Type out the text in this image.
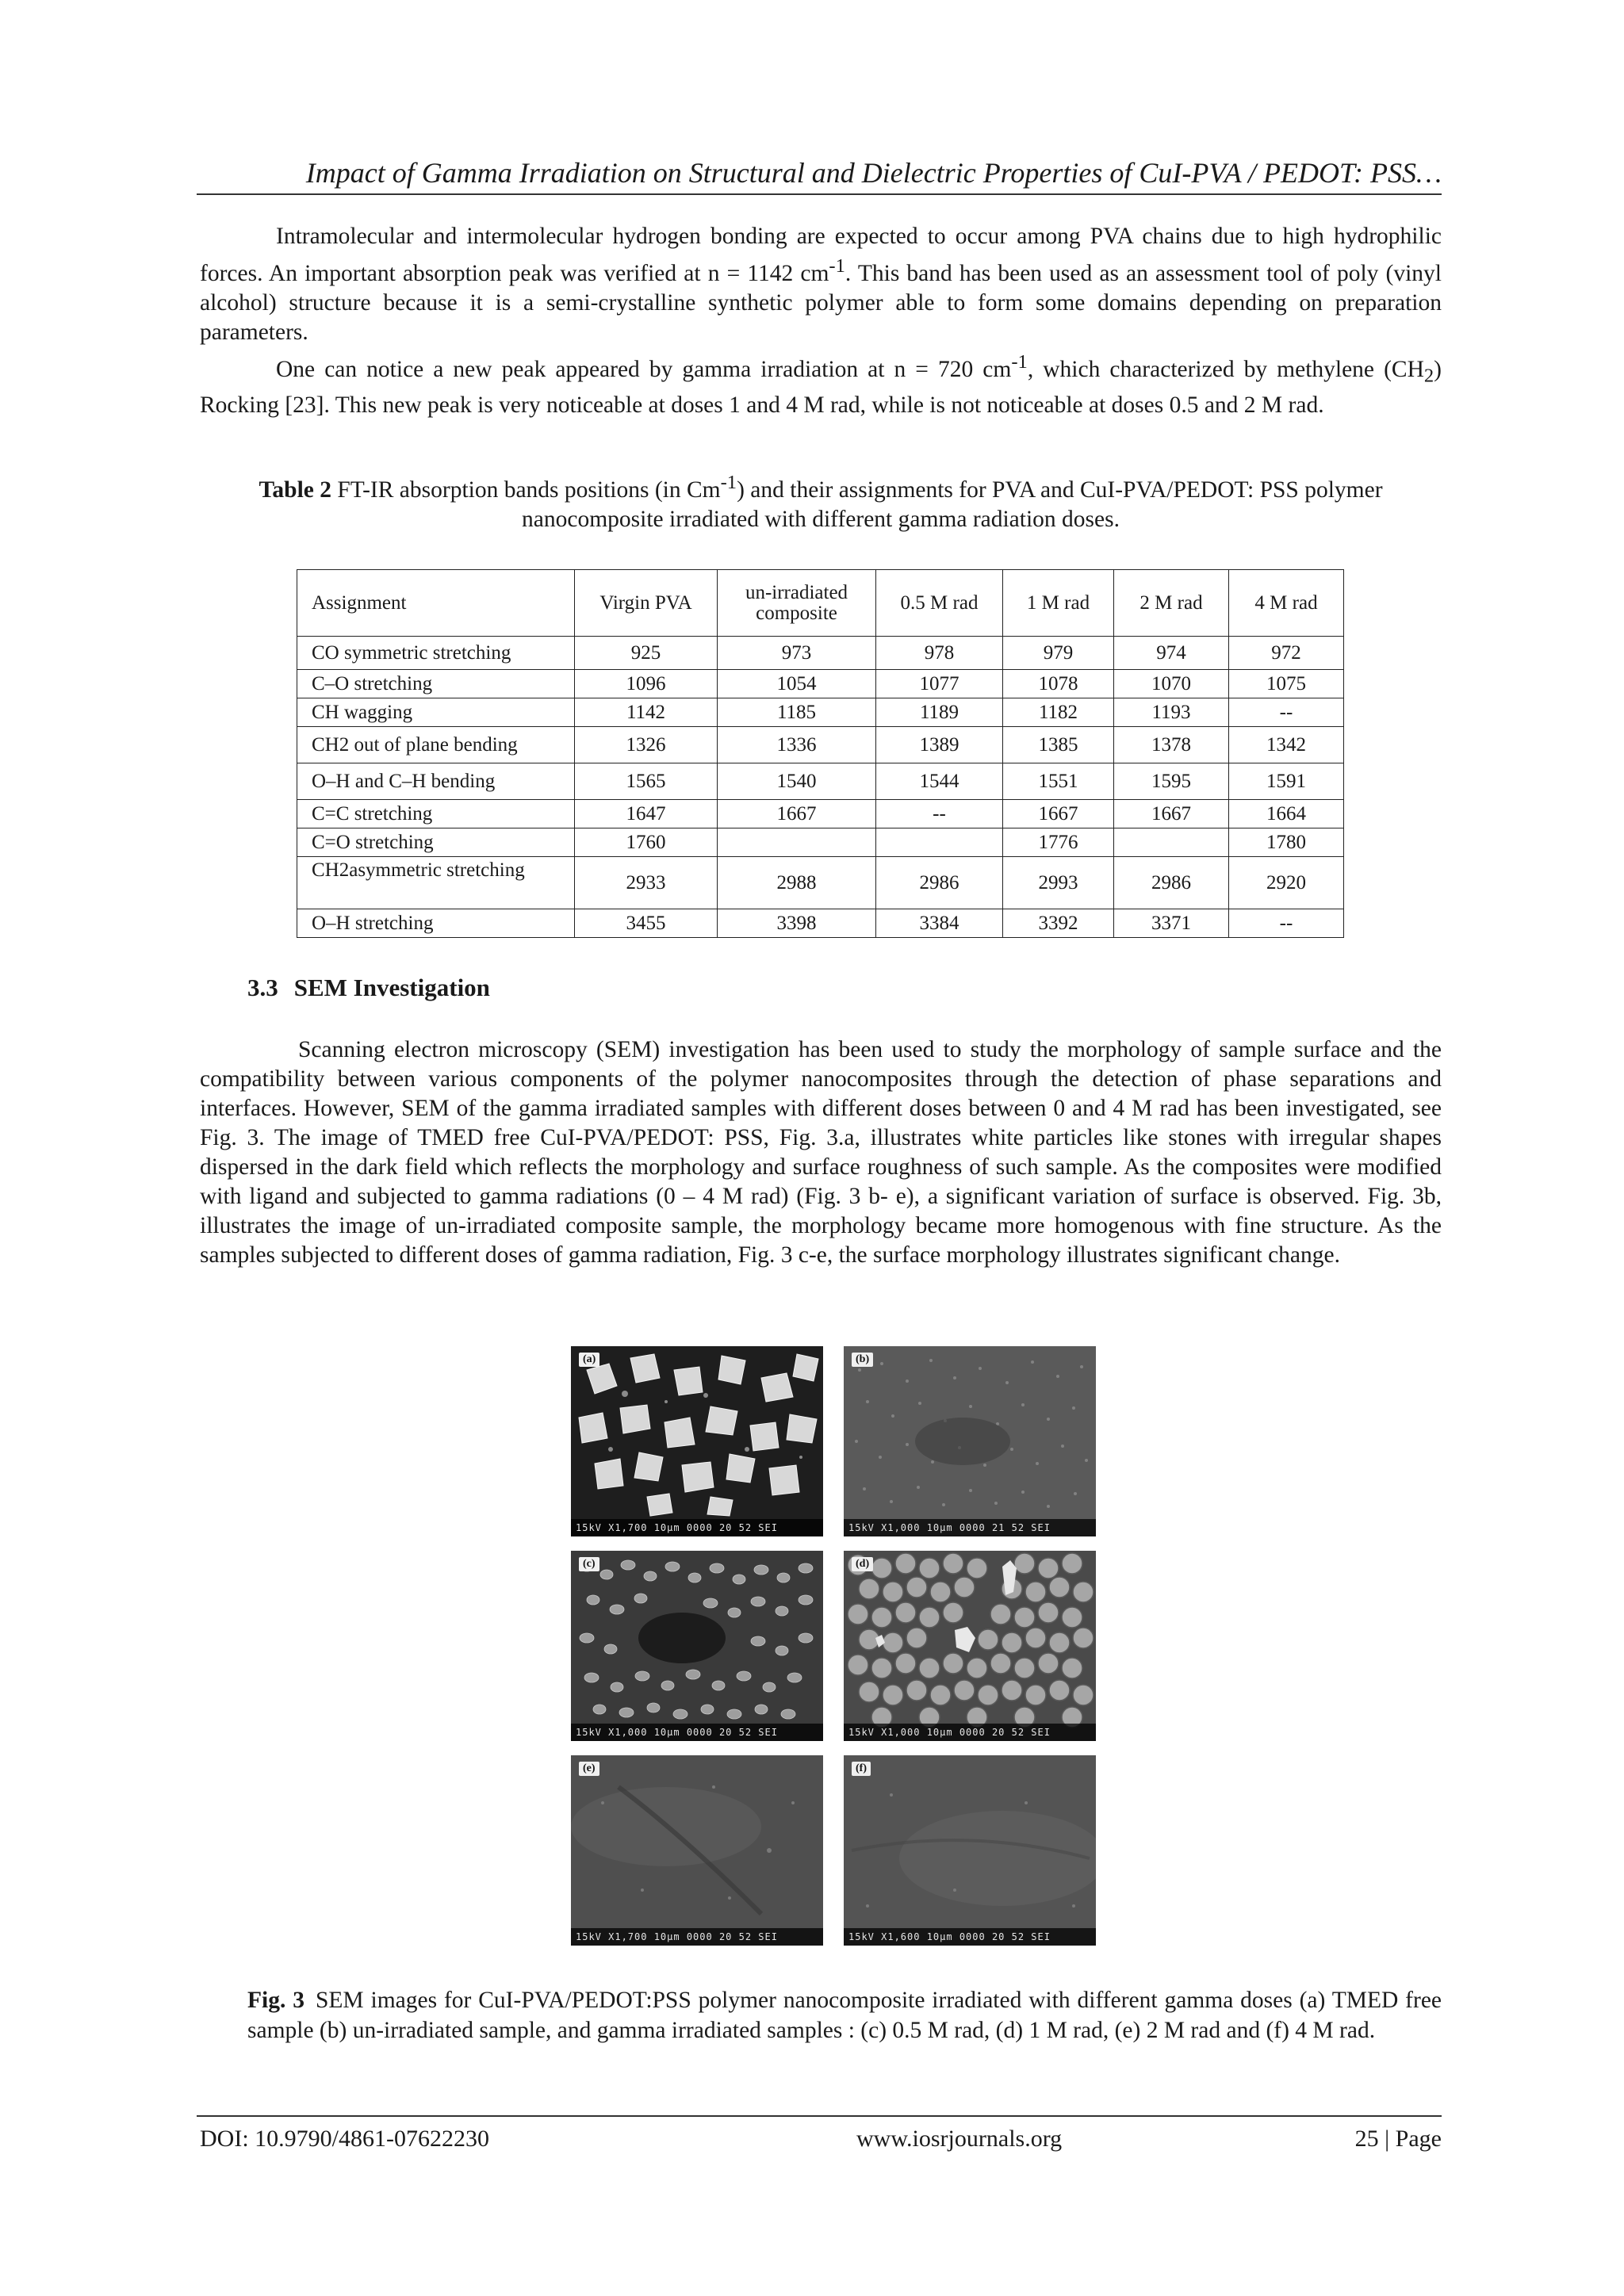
Impact of Gamma Irradiation on Structural and Dielectric Properties of CuI-PVA / PEDOT: PSS…

Intramolecular and intermolecular hydrogen bonding are expected to occur among PVA chains due to high hydrophilic forces. An important absorption peak was verified at n = 1142 $cm^{-1}$. This band has been used as an assessment tool of poly (vinyl alcohol) structure because it is a semi-crystalline synthetic polymer able to form some domains depending on preparation parameters.

One can notice a new peak appeared by gamma irradiation at n = 720 $cm^{-1}$, which characterized by methylene $(CH_2)$ Rocking [23]. This new peak is very noticeable at doses 1 and 4 M rad, while is not noticeable at doses 0.5 and 2 M rad.

Table 2 FT-IR absorption bands positions (in $Cm^{-1}$) and their assignments for PVA and CuI-PVA/PEDOT: PSS polymer nanocomposite irradiated with different gamma radiation doses.
Assignment	Virgin PVA	un-irradiated composite	0.5 M rad	1 M rad	2 M rad	4 M rad
CO symmetric stretching	925	973	978	979	974	972
C–O stretching	1096	1054	1077	1078	1070	1075
CH wagging	1142	1185	1189	1182	1193	--
CH2 out of plane bending	1326	1336	1389	1385	1378	1342
O–H and C–H bending	1565	1540	1544	1551	1595	1591
C=C stretching	1647	1667	--	1667	1667	1664
C=O stretching	1760			1776		1780
CH2asymmetric stretching	2933	2988	2986	2993	2986	2920
O–H stretching	3455	3398	3384	3392	3371	--
3.3 SEM Investigation

Scanning electron microscopy (SEM) investigation has been used to study the morphology of sample surface and the compatibility between various components of the polymer nanocomposites through the detection of phase separations and interfaces. However, SEM of the gamma irradiated samples with different doses between 0 and 4 M rad has been investigated, see Fig. 3. The image of TMED free CuI-PVA/PEDOT: PSS, Fig. 3.a, illustrates white particles like stones with irregular shapes dispersed in the dark field which reflects the morphology and surface roughness of such sample. As the composites were modified with ligand and subjected to gamma radiations (0 – 4 M rad) (Fig. 3 b- e), a significant variation of surface is observed. Fig. 3b, illustrates the image of un-irradiated composite sample, the morphology became more homogenous with fine structure. As the samples subjected to different doses of gamma radiation, Fig. 3 c-e, the surface morphology illustrates significant change.

(a)
15kV X1,700 10µm 0000 20 52 SEI
(b)
15kV X1,000 10µm 0000 21 52 SEI
(c)
15kV X1,000 10µm 0000 20 52 SEI
(d)
15kV X1,000 10µm 0000 20 52 SEI
(e)
15kV X1,700 10µm 0000 20 52 SEI
(f)
15kV X1,600 10µm 0000 20 52 SEI
Fig. 3 SEM images for CuI-PVA/PEDOT:PSS polymer nanocomposite irradiated with different gamma doses (a) TMED free sample (b) un-irradiated sample, and gamma irradiated samples : (c) 0.5 M rad, (d) 1 M rad, (e) 2 M rad and (f) 4 M rad.
DOI: 10.9790/4861-07622230	www.iosrjournals.org	25 | Page
